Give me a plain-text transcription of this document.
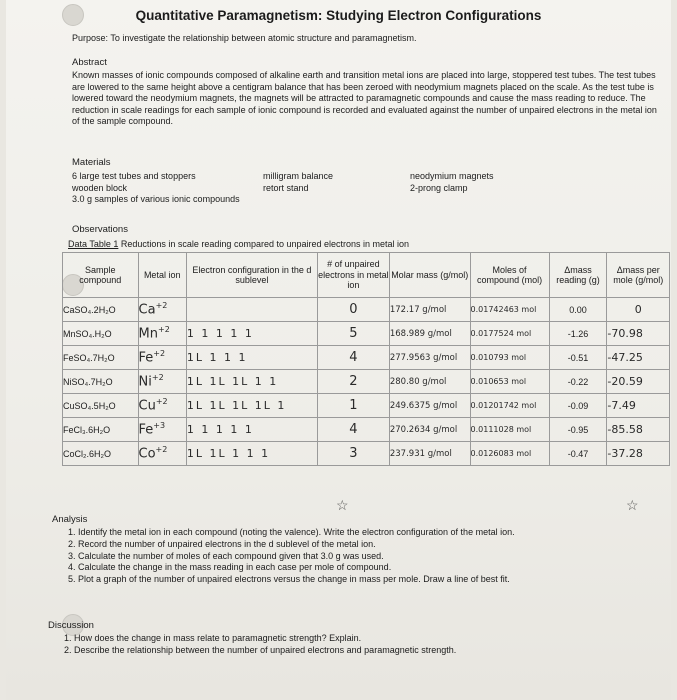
Quantitative Paramagnetism: Studying Electron Configurations
Purpose: To investigate the relationship between atomic structure and paramagnetism.
Abstract
Known masses of ionic compounds composed of alkaline earth and transition metal ions are placed into large, stoppered test tubes. The test tubes are lowered to the same height above a centigram balance that has been zeroed with neodymium magnets placed on the scale. As the test tube is lowered toward the neodymium magnets, the magnets will be attracted to paramagnetic compounds and cause the mass reading to reduce. The reduction in scale readings for each sample of ionic compound is recorded and evaluated against the number of unpaired electrons in the metal ion of the sample compound.
Materials
6 large test tubes and stoppers
wooden block
3.0 g samples of various ionic compounds
milligram balance
retort stand
neodymium magnets
2-prong clamp
Observations
Data Table 1 Reductions in scale reading compared to unpaired electrons in metal ion
Sample compound	Metal ion	Electron configuration in the d sublevel	# of unpaired electrons in metal ion	Molar mass (g/mol)	Moles of compound (mol)	Δmass reading (g)	Δmass per mole (g/mol)
CaSO₄.2H₂O	$Ca^{+2}$		0	172.17 g/mol	0.01742463 mol	0.00	0
MnSO₄.H₂O	$Mn^{+2}$	1 1 1 1 1	5	168.989 g/mol	0.0177524 mol	-1.26	-70.98
FeSO₄.7H₂O	$Fe^{+2}$	1L 1 1 1	4	277.9563 g/mol	0.010793 mol	-0.51	-47.25
NiSO₄.7H₂O	$Ni^{+2}$	1L 1L 1L 1 1	2	280.80 g/mol	0.010653 mol	-0.22	-20.59
CuSO₄.5H₂O	$Cu^{+2}$	1L 1L 1L 1L 1	1	249.6375 g/mol	0.01201742 mol	-0.09	-7.49
FeCl₃.6H₂O	$Fe^{+3}$	1 1 1 1 1	4	270.2634 g/mol	0.0111028 mol	-0.95	-85.58
CoCl₂.6H₂O	$Co^{+2}$	1L 1L 1 1 1	3	237.931 g/mol	0.0126083 mol	-0.47	-37.28
☆	☆
Analysis
1. Identify the metal ion in each compound (noting the valence). Write the electron configuration of the metal ion.
2. Record the number of unpaired electrons in the d sublevel of the metal ion.
3. Calculate the number of moles of each compound given that 3.0 g was used.
4. Calculate the change in the mass reading in each case per mole of compound.
5. Plot a graph of the number of unpaired electrons versus the change in mass per mole. Draw a line of best fit.
Discussion
1. How does the change in mass relate to paramagnetic strength? Explain.
2. Describe the relationship between the number of unpaired electrons and paramagnetic strength.
